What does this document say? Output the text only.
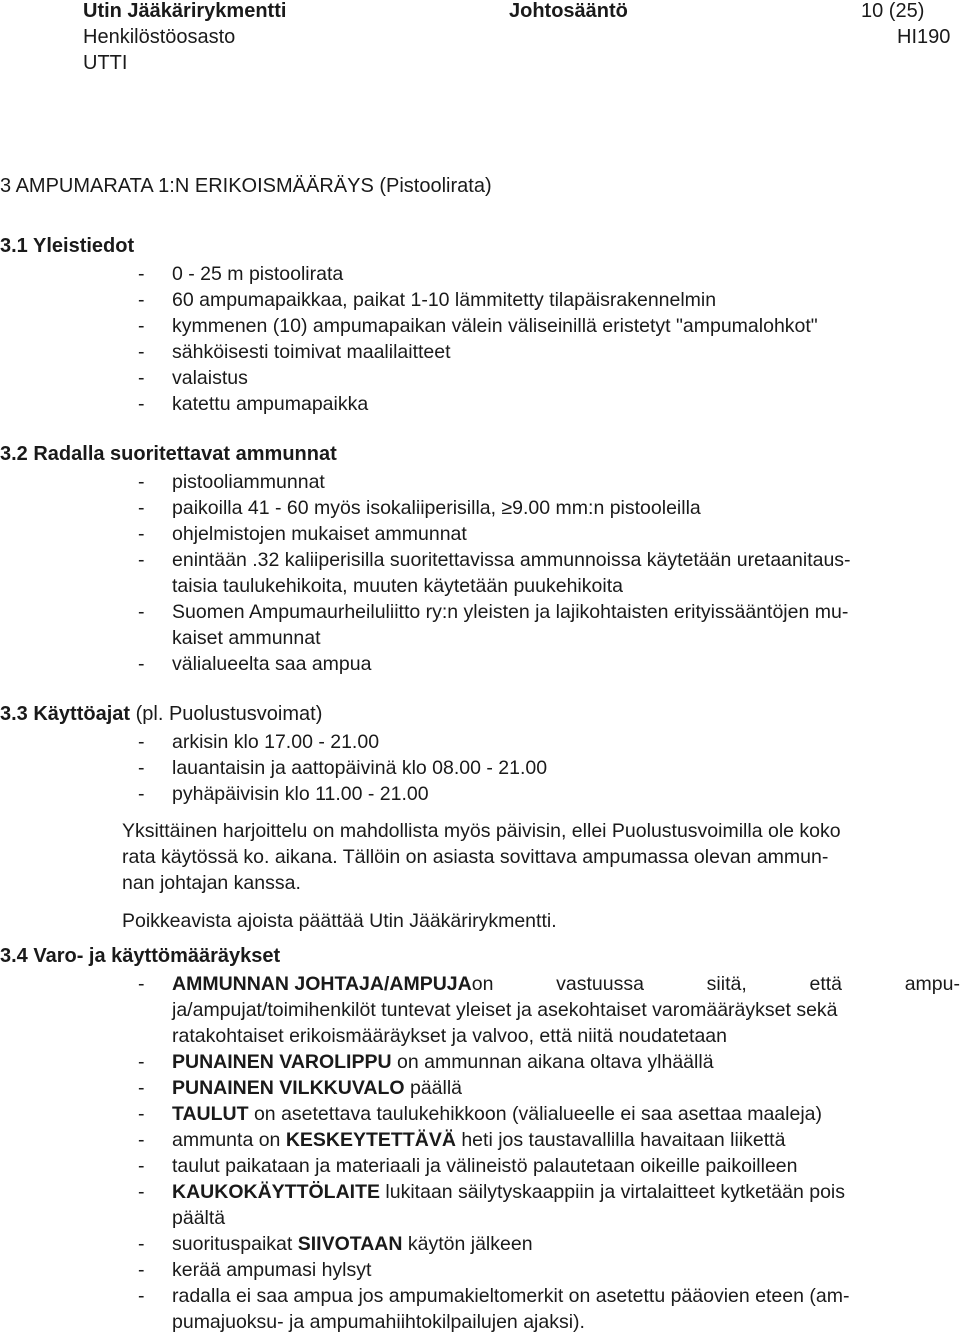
Utin Jääkärirykmentti	Johtosääntö	10 (25)
Henkilöstöosasto	HI190
UTTI
3 AMPUMARATA 1:N ERIKOISMÄÄRÄYS (Pistoolirata)
3.1 Yleistiedot
- 0 - 25 m pistoolirata
- 60 ampumapaikkaa, paikat 1-10 lämmitetty tilapäisrakennelmin
- kymmenen (10) ampumapaikan välein väliseinillä eristetyt "ampumalohkot"
- sähköisesti toimivat maalilaitteet
- valaistus
- katettu ampumapaikka
3.2 Radalla suoritettavat ammunnat
- pistooliammunnat
- paikoilla 41 - 60 myös isokaliiperisilla, ≥9.00 mm:n pistooleilla
- ohjelmistojen mukaiset ammunnat
- enintään .32 kaliiperisilla suoritettavissa ammunnoissa käytetään uretaanitaus-
taisia taulukehikoita, muuten käytetään puukehikoita
- Suomen Ampumaurheiluliitto ry:n yleisten ja lajikohtaisten erityissääntöjen mu-
kaiset ammunnat
- välialueelta saa ampua
3.3 Käyttöajat (pl. Puolustusvoimat)
- arkisin klo 17.00 - 21.00
- lauantaisin ja aattopäivinä klo 08.00 - 21.00
- pyhäpäivisin klo 11.00 - 21.00
Yksittäinen harjoittelu on mahdollista myös päivisin, ellei Puolustusvoimilla ole koko
rata käytössä ko. aikana. Tällöin on asiasta sovittava ampumassa olevan ammun-
nan johtajan kanssa.
Poikkeavista ajoista päättää Utin Jääkärirykmentti.
3.4 Varo- ja käyttömääräykset
- AMMUNNAN JOHTAJA/AMPUJA on vastuussa siitä, että ampu-
ja/ampujat/toimihenkilöt tuntevat yleiset ja asekohtaiset varomääräykset sekä
ratakohtaiset erikoismääräykset ja valvoo, että niitä noudatetaan
- PUNAINEN VAROLIPPU on ammunnan aikana oltava ylhäällä
- PUNAINEN VILKKUVALO päällä
- TAULUT on asetettava taulukehikkoon (välialueelle ei saa asettaa maaleja)
- ammunta on KESKEYTETTÄVÄ heti jos taustavallilla havaitaan liikettä
- taulut paikataan ja materiaali ja välineistö palautetaan oikeille paikoilleen
- KAUKOKÄYTTÖLAITE lukitaan säilytyskaappiin ja virtalaitteet kytketään pois
päältä
- suorituspaikat SIIVOTAAN käytön jälkeen
- kerää ampumasi hylsyt
- radalla ei saa ampua jos ampumakieltomerkit on asetettu pääovien eteen (am-
pumajuoksu- ja ampumahiihtokilpailujen ajaksi).
